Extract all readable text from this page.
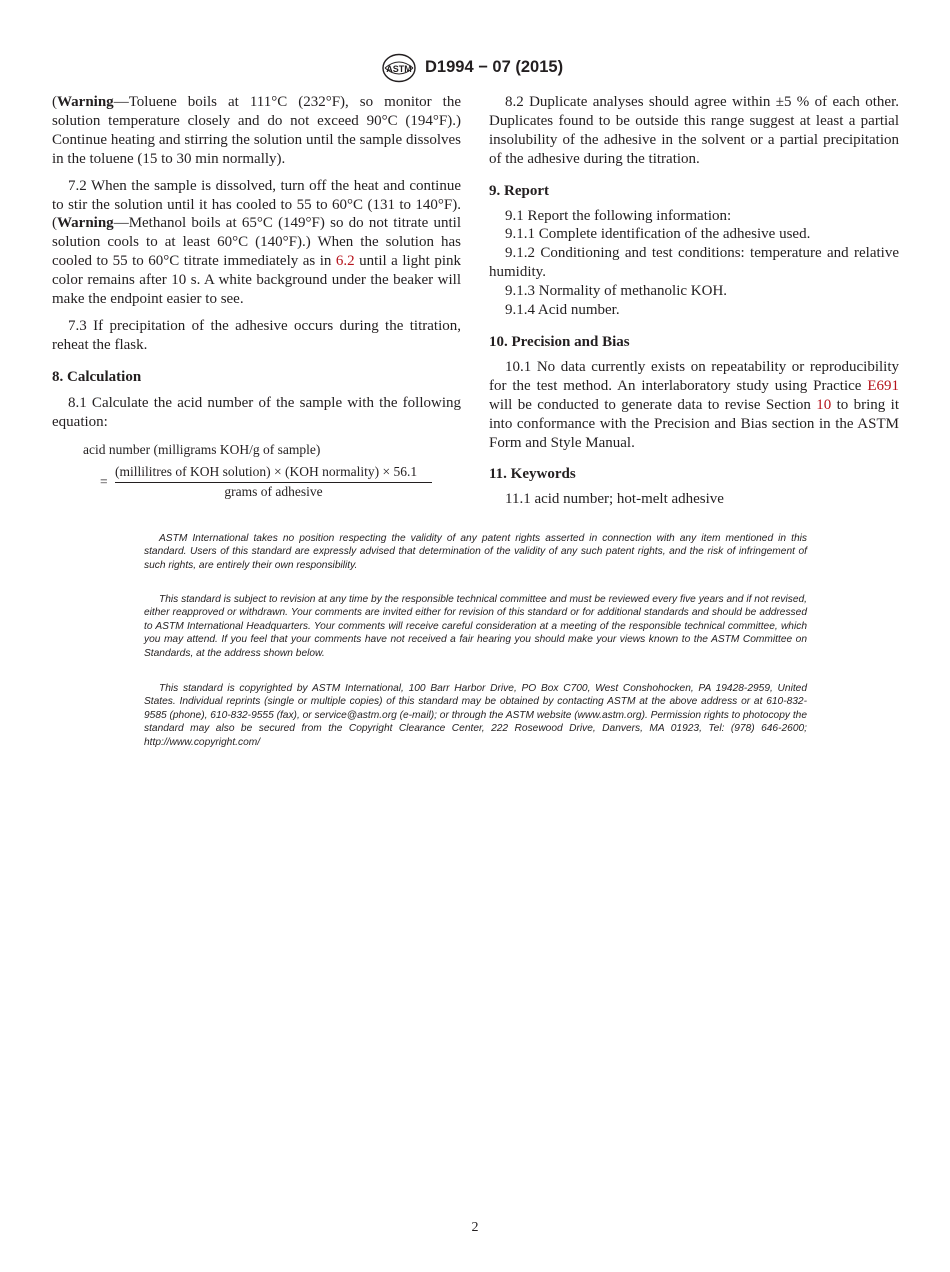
ASTM D1994 − 07 (2015)

(Warning—Toluene boils at 111°C (232°F), so monitor the solution temperature closely and do not exceed 90°C (194°F).) Continue heating and stirring the solution until the sample dissolves in the toluene (15 to 30 min normally).

7.2 When the sample is dissolved, turn off the heat and continue to stir the solution until it has cooled to 55 to 60°C (131 to 140°F). (Warning—Methanol boils at 65°C (149°F) so do not titrate until solution cools to at least 60°C (140°F).) When the solution has cooled to 55 to 60°C titrate immediately as in 6.2 until a light pink color remains after 10 s. A white background under the beaker will make the endpoint easier to see.

7.3 If precipitation of the adhesive occurs during the titration, reheat the flask.

8. Calculation

8.1 Calculate the acid number of the sample with the following equation:

acid number (milligrams KOH/g of sample)
=
(millilitres of KOH solution) × (KOH normality) × 56.1
grams of adhesive

8.2 Duplicate analyses should agree within ±5 % of each other. Duplicates found to be outside this range suggest at least a partial insolubility of the adhesive in the solvent or a partial precipitation of the adhesive during the titration.

9. Report

9.1 Report the following information:

9.1.1 Complete identification of the adhesive used.

9.1.2 Conditioning and test conditions: temperature and relative humidity.

9.1.3 Normality of methanolic KOH.

9.1.4 Acid number.

10. Precision and Bias

10.1 No data currently exists on repeatability or reproducibility for the test method. An interlaboratory study using Practice E691 will be conducted to generate data to revise Section 10 to bring it into conformance with the Precision and Bias section in the ASTM Form and Style Manual.

11. Keywords

11.1 acid number; hot-melt adhesive

ASTM International takes no position respecting the validity of any patent rights asserted in connection with any item mentioned in this standard. Users of this standard are expressly advised that determination of the validity of any such patent rights, and the risk of infringement of such rights, are entirely their own responsibility.

This standard is subject to revision at any time by the responsible technical committee and must be reviewed every five years and if not revised, either reapproved or withdrawn. Your comments are invited either for revision of this standard or for additional standards and should be addressed to ASTM International Headquarters. Your comments will receive careful consideration at a meeting of the responsible technical committee, which you may attend. If you feel that your comments have not received a fair hearing you should make your views known to the ASTM Committee on Standards, at the address shown below.

This standard is copyrighted by ASTM International, 100 Barr Harbor Drive, PO Box C700, West Conshohocken, PA 19428-2959, United States. Individual reprints (single or multiple copies) of this standard may be obtained by contacting ASTM at the above address or at 610-832-9585 (phone), 610-832-9555 (fax), or service@astm.org (e-mail); or through the ASTM website (www.astm.org). Permission rights to photocopy the standard may also be secured from the Copyright Clearance Center, 222 Rosewood Drive, Danvers, MA 01923, Tel: (978) 646-2600; http://www.copyright.com/

2
